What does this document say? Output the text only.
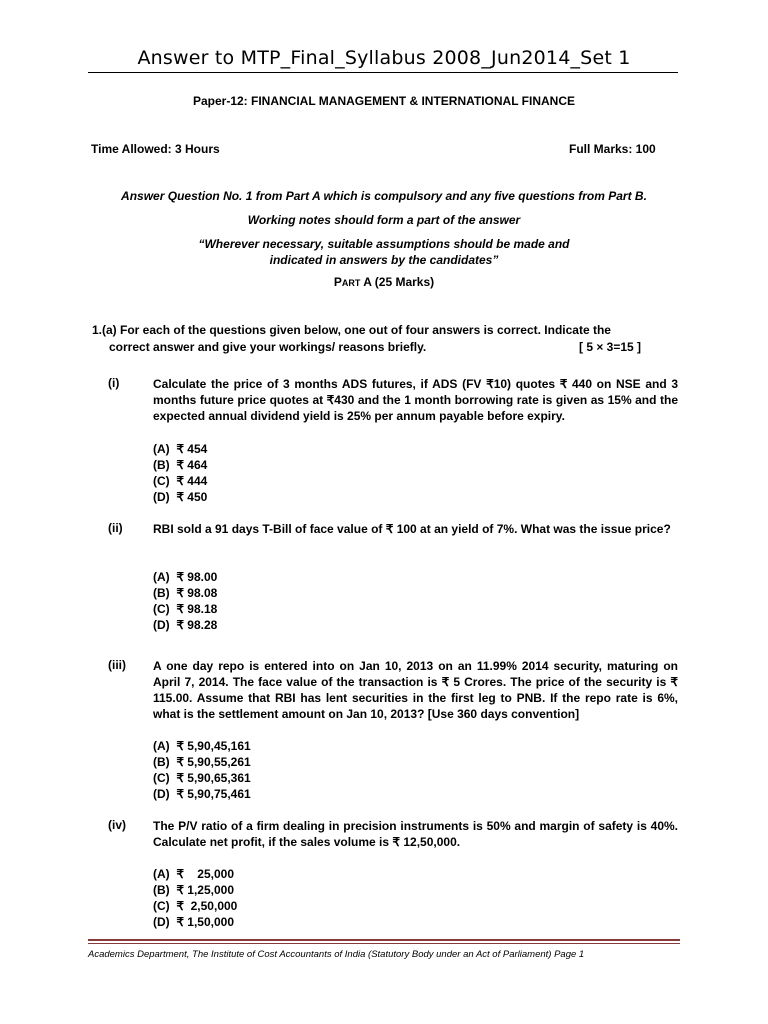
Answer to MTP_Final_Syllabus 2008_Jun2014_Set 1
Paper-12: FINANCIAL MANAGEMENT & INTERNATIONAL FINANCE
Time Allowed: 3 Hours	Full Marks: 100
Answer Question No. 1 from Part A which is compulsory and any five questions from Part B.
Working notes should form a part of the answer
“Wherever necessary, suitable assumptions should be made and
indicated in answers by the candidates”
PART A (25 Marks)
1.(a) For each of the questions given below, one out of four answers is correct. Indicate the
correct answer and give your workings/ reasons briefly.	[ 5 × 3=15 ]
(i)	Calculate the price of 3 months ADS futures, if ADS (FV ₹10) quotes ₹ 440 on NSE and 3 months future price quotes at ₹430 and the 1 month borrowing rate is given as 15% and the expected annual dividend yield is 25% per annum payable before expiry.
(A)  ₹ 454
(B)  ₹ 464
(C)  ₹ 444
(D)  ₹ 450
(ii)	RBI sold a 91 days T-Bill of face value of ₹ 100 at an yield of 7%. What was the issue price?
(A)  ₹ 98.00
(B)  ₹ 98.08
(C)  ₹ 98.18
(D)  ₹ 98.28
(iii) A one day repo is entered into on Jan 10, 2013 on an 11.99% 2014 security, maturing on April 7, 2014. The face value of the transaction is ₹ 5 Crores. The price of the security is ₹ 115.00. Assume that RBI has lent securities in the first leg to PNB. If the repo rate is 6%, what is the settlement amount on Jan 10, 2013? [Use 360 days convention]
(A)  ₹ 5,90,45,161
(B)  ₹ 5,90,55,261
(C)  ₹ 5,90,65,361
(D)  ₹ 5,90,75,461
(iv) The P/V ratio of a firm dealing in precision instruments is 50% and margin of safety is 40%. Calculate net profit, if the sales volume is ₹ 12,50,000.
(A)  ₹    25,000
(B)  ₹ 1,25,000
(C)  ₹  2,50,000
(D)  ₹ 1,50,000
Academics Department, The Institute of Cost Accountants of India (Statutory Body under an Act of Parliament) Page 1
